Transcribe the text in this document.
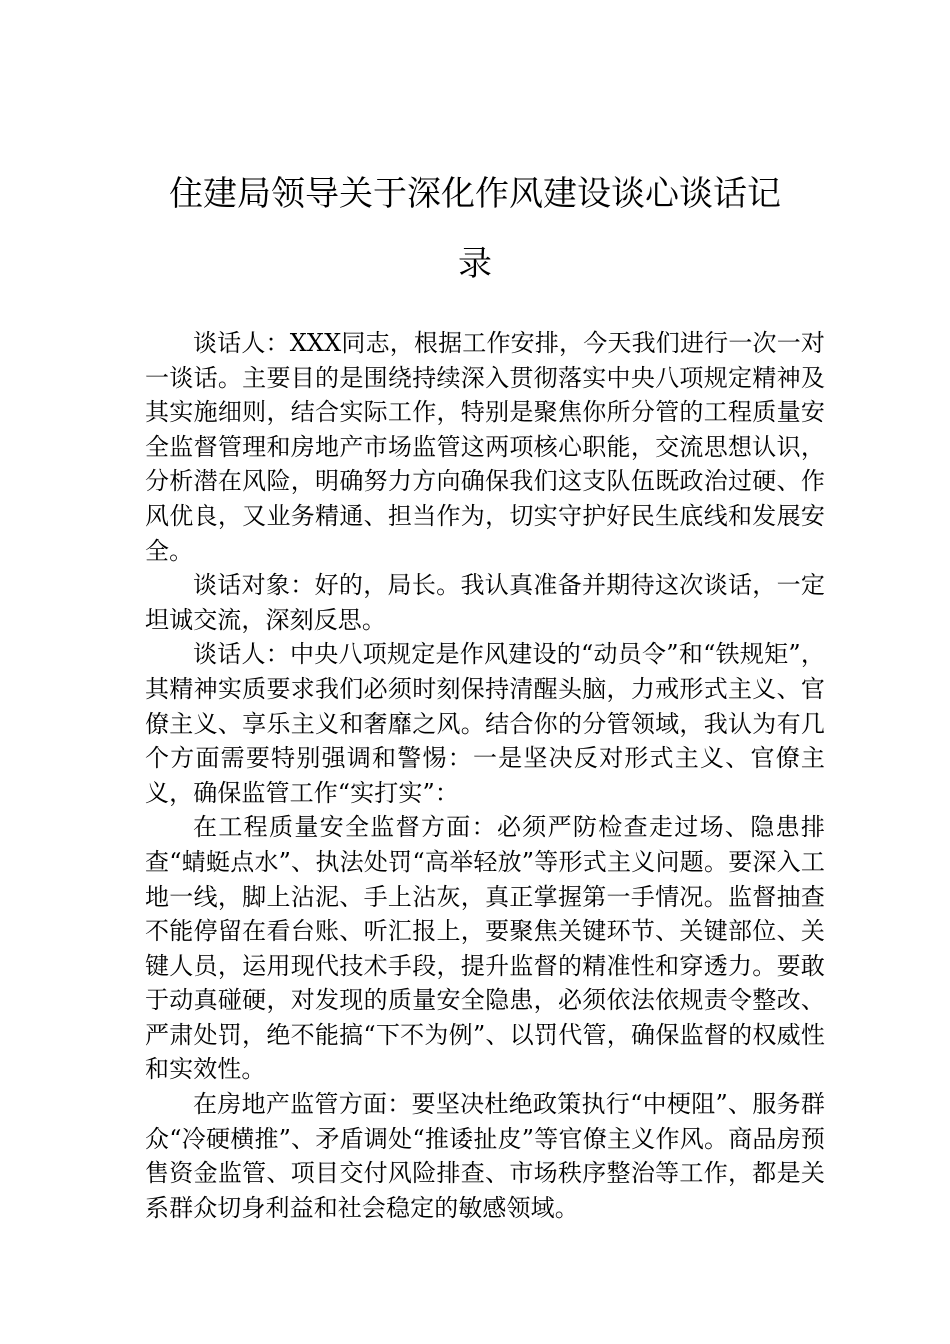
住建局领导关于深化作风建设谈心谈话记
录

谈话人：XXX同志，根据工作安排，今天我们进行一次一对一谈话。主要目的是围绕持续深入贯彻落实中央八项规定精神及其实施细则，结合实际工作，特别是聚焦你所分管的工程质量安全监督管理和房地产市场监管这两项核心职能，交流思想认识，分析潜在风险，明确努力方向确保我们这支队伍既政治过硬、作风优良，又业务精通、担当作为，切实守护好民生底线和发展安全。

谈话对象：好的，局长。我认真准备并期待这次谈话，一定坦诚交流，深刻反思。

谈话人：中央八项规定是作风建设的“动员令”和“铁规矩”，其精神实质要求我们必须时刻保持清醒头脑，力戒形式主义、官僚主义、享乐主义和奢靡之风。结合你的分管领域，我认为有几个方面需要特别强调和警惕：一是坚决反对形式主义、官僚主义，确保监管工作“实打实”：

在工程质量安全监督方面：必须严防检查走过场、隐患排查“蜻蜓点水”、执法处罚“高举轻放”等形式主义问题。要深入工地一线，脚上沾泥、手上沾灰，真正掌握第一手情况。监督抽查不能停留在看台账、听汇报上，要聚焦关键环节、关键部位、关键人员，运用现代技术手段，提升监督的精准性和穿透力。要敢于动真碰硬，对发现的质量安全隐患，必须依法依规责令整改、严肃处罚，绝不能搞“下不为例”、以罚代管，确保监督的权威性和实效性。

在房地产监管方面：要坚决杜绝政策执行“中梗阻”、服务群众“冷硬横推”、矛盾调处“推诿扯皮”等官僚主义作风。商品房预售资金监管、项目交付风险排查、市场秩序整治等工作，都是关系群众切身利益和社会稳定的敏感领域。
